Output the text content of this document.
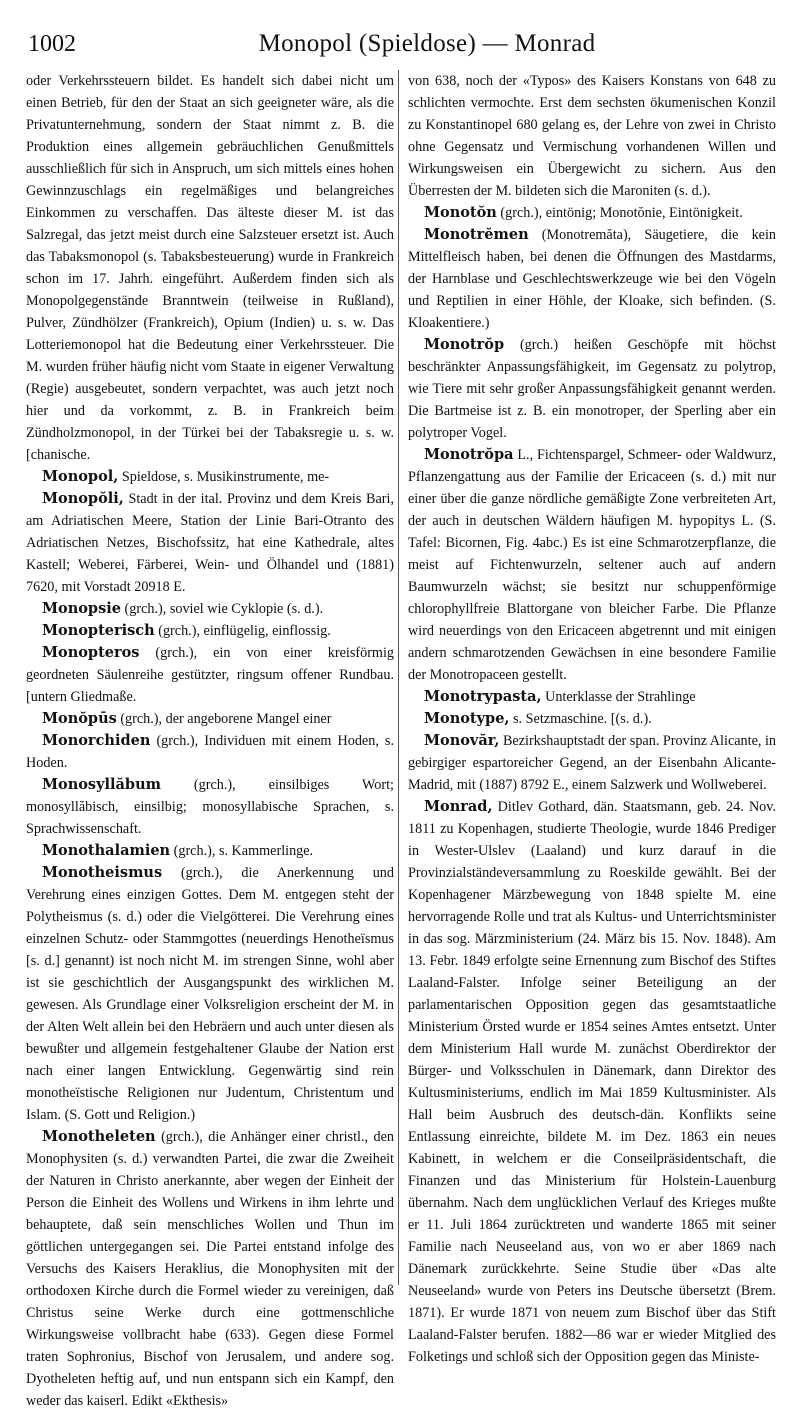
1002	Monopol (Spieldose) — Monrad

oder Verkehrssteuern bildet. Es handelt sich dabei nicht um einen Betrieb, für den der Staat an sich geeigneter wäre, als die Privatunternehmung, sondern der Staat nimmt z. B. die Produktion eines allgemein gebräuchlichen Genußmittels ausschließlich für sich in Anspruch, um sich mittels eines hohen Gewinnzuschlags ein regelmäßiges und belangreiches Einkommen zu verschaffen. Das älteste dieser M. ist das Salzregal, das jetzt meist durch eine Salzsteuer ersetzt ist. Auch das Tabaksmonopol (s. Tabaksbesteuerung) wurde in Frankreich schon im 17. Jahrh. eingeführt. Außerdem finden sich als Monopolgegenstände Branntwein (teilweise in Rußland), Pulver, Zündhölzer (Frankreich), Opium (Indien) u. s. w. Das Lotteriemonopol hat die Bedeutung einer Verkehrssteuer. Die M. wurden früher häufig nicht vom Staate in eigener Verwaltung (Regie) ausgebeutet, sondern verpachtet, was auch jetzt noch hier und da vorkommt, z. B. in Frankreich beim Zündholzmonopol, in der Türkei bei der Tabaksregie u. s. w. [chanische.

Monopol, Spieldose, s. Musikinstrumente, me-

Monopŏli, Stadt in der ital. Provinz und dem Kreis Bari, am Adriatischen Meere, Station der Linie Bari-Otranto des Adriatischen Netzes, Bischofssitz, hat eine Kathedrale, altes Kastell; Weberei, Färberei, Wein- und Ölhandel und (1881) 7620, mit Vorstadt 20918 E.

Monopsie (grch.), soviel wie Cyklopie (s. d.).

Monopterisch (grch.), einflügelig, einflossig.

Monopteros (grch.), ein von einer kreisförmig geordneten Säulenreihe gestützter, ringsum offener Rundbau. [untern Gliedmaße.

Monŏpūs (grch.), der angeborene Mangel einer

Monorchiden (grch.), Individuen mit einem Hoden, s. Hoden.

Monosyllăbum (grch.), einsilbiges Wort; monosyllăbisch, einsilbig; monosyllabische Sprachen, s. Sprachwissenschaft.

Monothalamien (grch.), s. Kammerlinge.

Monotheismus (grch.), die Anerkennung und Verehrung eines einzigen Gottes. Dem M. entgegen steht der Polytheismus (s. d.) oder die Vielgötterei. Die Verehrung eines einzelnen Schutz- oder Stammgottes (neuerdings Henotheïsmus [s. d.] genannt) ist noch nicht M. im strengen Sinne, wohl aber ist sie geschichtlich der Ausgangspunkt des wirklichen M. gewesen. Als Grundlage einer Volksreligion erscheint der M. in der Alten Welt allein bei den Hebräern und auch unter diesen als bewußter und allgemein festgehaltener Glaube der Nation erst nach einer langen Entwicklung. Gegenwärtig sind rein monotheïstische Religionen nur Judentum, Christentum und Islam. (S. Gott und Religion.)

Monotheleten (grch.), die Anhänger einer christl., den Monophysiten (s. d.) verwandten Partei, die zwar die Zweiheit der Naturen in Christo anerkannte, aber wegen der Einheit der Person die Einheit des Wollens und Wirkens in ihm lehrte und behauptete, daß sein menschliches Wollen und Thun im göttlichen untergegangen sei. Die Partei entstand infolge des Versuchs des Kaisers Heraklius, die Monophysiten mit der orthodoxen Kirche durch die Formel wieder zu vereinigen, daß Christus seine Werke durch eine gottmenschliche Wirkungsweise vollbracht habe (633). Gegen diese Formel traten Sophronius, Bischof von Jerusalem, und andere sog. Dyotheleten heftig auf, und nun entspann sich ein Kampf, den weder das kaiserl. Edikt «Ekthesis»

von 638, noch der «Typos» des Kaisers Konstans von 648 zu schlichten vermochte. Erst dem sechsten ökumenischen Konzil zu Konstantinopel 680 gelang es, der Lehre von zwei in Christo ohne Gegensatz und Vermischung vorhandenen Willen und Wirkungsweisen ein Übergewicht zu sichern. Aus den Überresten der M. bildeten sich die Maroniten (s. d.).

Monotŏn (grch.), eintönig; Monotŏnie, Eintönigkeit.

Monotrĕmen (Monotremăta), Säugetiere, die kein Mittelfleisch haben, bei denen die Öffnungen des Mastdarms, der Harnblase und Geschlechtswerkzeuge wie bei den Vögeln und Reptilien in einer Höhle, der Kloake, sich befinden. (S. Kloakentiere.)

Monotrŏp (grch.) heißen Geschöpfe mit höchst beschränkter Anpassungsfähigkeit, im Gegensatz zu polytrop, wie Tiere mit sehr großer Anpassungsfähigkeit genannt werden. Die Bartmeise ist z. B. ein monotroper, der Sperling aber ein polytroper Vogel.

Monotrŏpa L., Fichtenspargel, Schmeer- oder Waldwurz, Pflanzengattung aus der Familie der Ericaceen (s. d.) mit nur einer über die ganze nördliche gemäßigte Zone verbreiteten Art, der auch in deutschen Wäldern häufigen M. hypopitys L. (S. Tafel: Bicornen, Fig. 4abc.) Es ist eine Schmarotzerpflanze, die meist auf Fichtenwurzeln, seltener auch auf andern Baumwurzeln wächst; sie besitzt nur schuppenförmige chlorophyllfreie Blattorgane von bleicher Farbe. Die Pflanze wird neuerdings von den Ericaceen abgetrennt und mit einigen andern schmarotzenden Gewächsen in eine besondere Familie der Monotropaceen gestellt.

Monotrypasta, Unterklasse der Strahlinge

Monotype, s. Setzmaschine. [(s. d.).

Monovăr, Bezirkshauptstadt der span. Provinz Alicante, in gebirgiger espartoreicher Gegend, an der Eisenbahn Alicante-Madrid, mit (1887) 8792 E., einem Salzwerk und Wollweberei.

Monrad, Ditlev Gothard, dän. Staatsmann, geb. 24. Nov. 1811 zu Kopenhagen, studierte Theologie, wurde 1846 Prediger in Wester-Ulslev (Laaland) und kurz darauf in die Provinzialständeversammlung zu Roeskilde gewählt. Bei der Kopenhagener Märzbewegung von 1848 spielte M. eine hervorragende Rolle und trat als Kultus- und Unterrichtsminister in das sog. Märzministerium (24. März bis 15. Nov. 1848). Am 13. Febr. 1849 erfolgte seine Ernennung zum Bischof des Stiftes Laaland-Falster. Infolge seiner Beteiligung an der parlamentarischen Opposition gegen das gesamtstaatliche Ministerium Örsted wurde er 1854 seines Amtes entsetzt. Unter dem Ministerium Hall wurde M. zunächst Oberdirektor der Bürger- und Volksschulen in Dänemark, dann Direktor des Kultusministeriums, endlich im Mai 1859 Kultusminister. Als Hall beim Ausbruch des deutsch-dän. Konflikts seine Entlassung einreichte, bildete M. im Dez. 1863 ein neues Kabinett, in welchem er die Conseilpräsidentschaft, die Finanzen und das Ministerium für Holstein-Lauenburg übernahm. Nach dem unglücklichen Verlauf des Krieges mußte er 11. Juli 1864 zurücktreten und wanderte 1865 mit seiner Familie nach Neuseeland aus, von wo er aber 1869 nach Dänemark zurückkehrte. Seine Studie über «Das alte Neuseeland» wurde von Peters ins Deutsche übersetzt (Brem. 1871). Er wurde 1871 von neuem zum Bischof über das Stift Laaland-Falster berufen. 1882—86 war er wieder Mitglied des Folketings und schloß sich der Opposition gegen das Ministe-
